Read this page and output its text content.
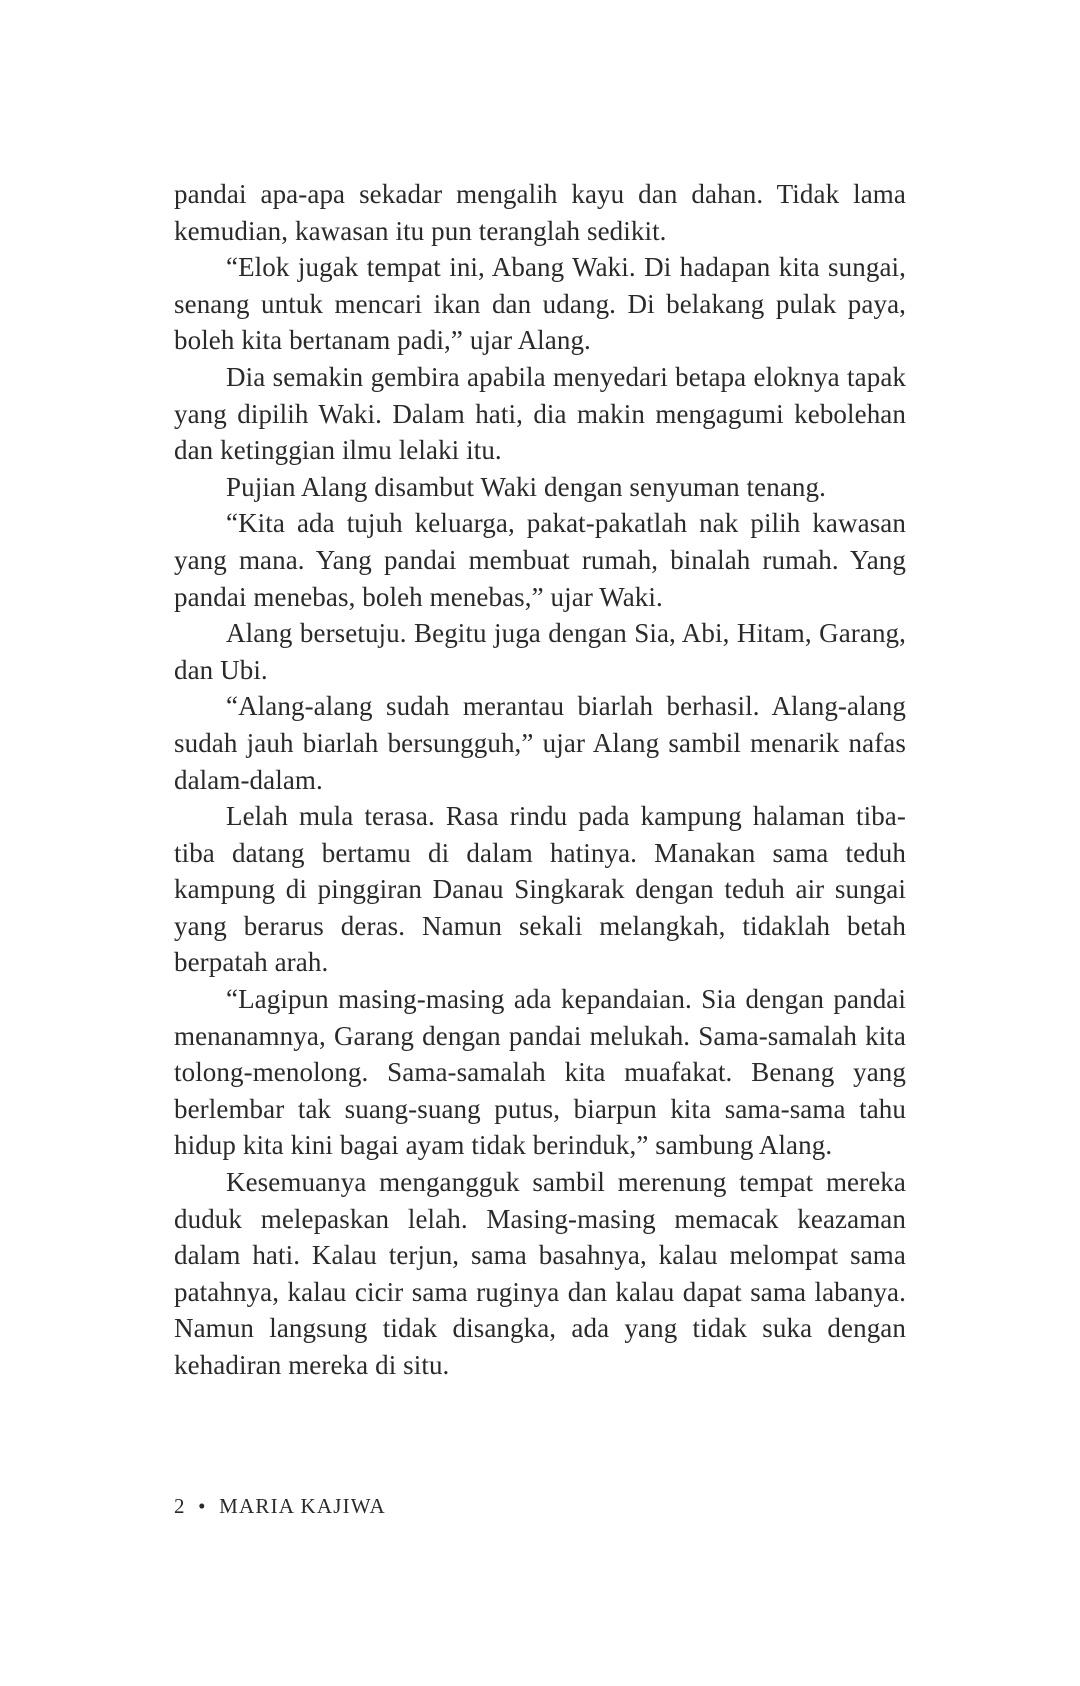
pandai apa-apa sekadar mengalih kayu dan dahan. Tidak lama kemudian, kawasan itu pun teranglah sedikit.

“Elok jugak tempat ini, Abang Waki. Di hadapan kita sungai, senang untuk mencari ikan dan udang. Di belakang pulak paya, boleh kita bertanam padi,” ujar Alang.

Dia semakin gembira apabila menyedari betapa eloknya tapak yang dipilih Waki. Dalam hati, dia makin mengagumi kebolehan dan ketinggian ilmu lelaki itu.

Pujian Alang disambut Waki dengan senyuman tenang.

“Kita ada tujuh keluarga, pakat-pakatlah nak pilih kawasan yang mana. Yang pandai membuat rumah, binalah rumah. Yang pandai menebas, boleh menebas,” ujar Waki.

Alang bersetuju. Begitu juga dengan Sia, Abi, Hitam, Garang, dan Ubi.

“Alang-alang sudah merantau biarlah berhasil. Alang-alang sudah jauh biarlah bersungguh,” ujar Alang sambil menarik nafas dalam-dalam.

Lelah mula terasa. Rasa rindu pada kampung halaman tiba-tiba datang bertamu di dalam hatinya. Manakan sama teduh kampung di pinggiran Danau Singkarak dengan teduh air sungai yang berarus deras. Namun sekali melangkah, tidaklah betah berpatah arah.

“Lagipun masing-masing ada kepandaian. Sia dengan pandai menanamnya, Garang dengan pandai melukah. Sama-samalah kita tolong-menolong. Sama-samalah kita muafakat. Benang yang berlembar tak suang-suang putus, biarpun kita sama-sama tahu hidup kita kini bagai ayam tidak berinduk,” sambung Alang.

Kesemuanya mengangguk sambil merenung tempat mereka duduk melepaskan lelah. Masing-masing memacak keazaman dalam hati. Kalau terjun, sama basahnya, kalau melompat sama patahnya, kalau cicir sama ruginya dan kalau dapat sama labanya. Namun langsung tidak disangka, ada yang tidak suka dengan kehadiran mereka di situ.

2 • MARIA KAJIWA
